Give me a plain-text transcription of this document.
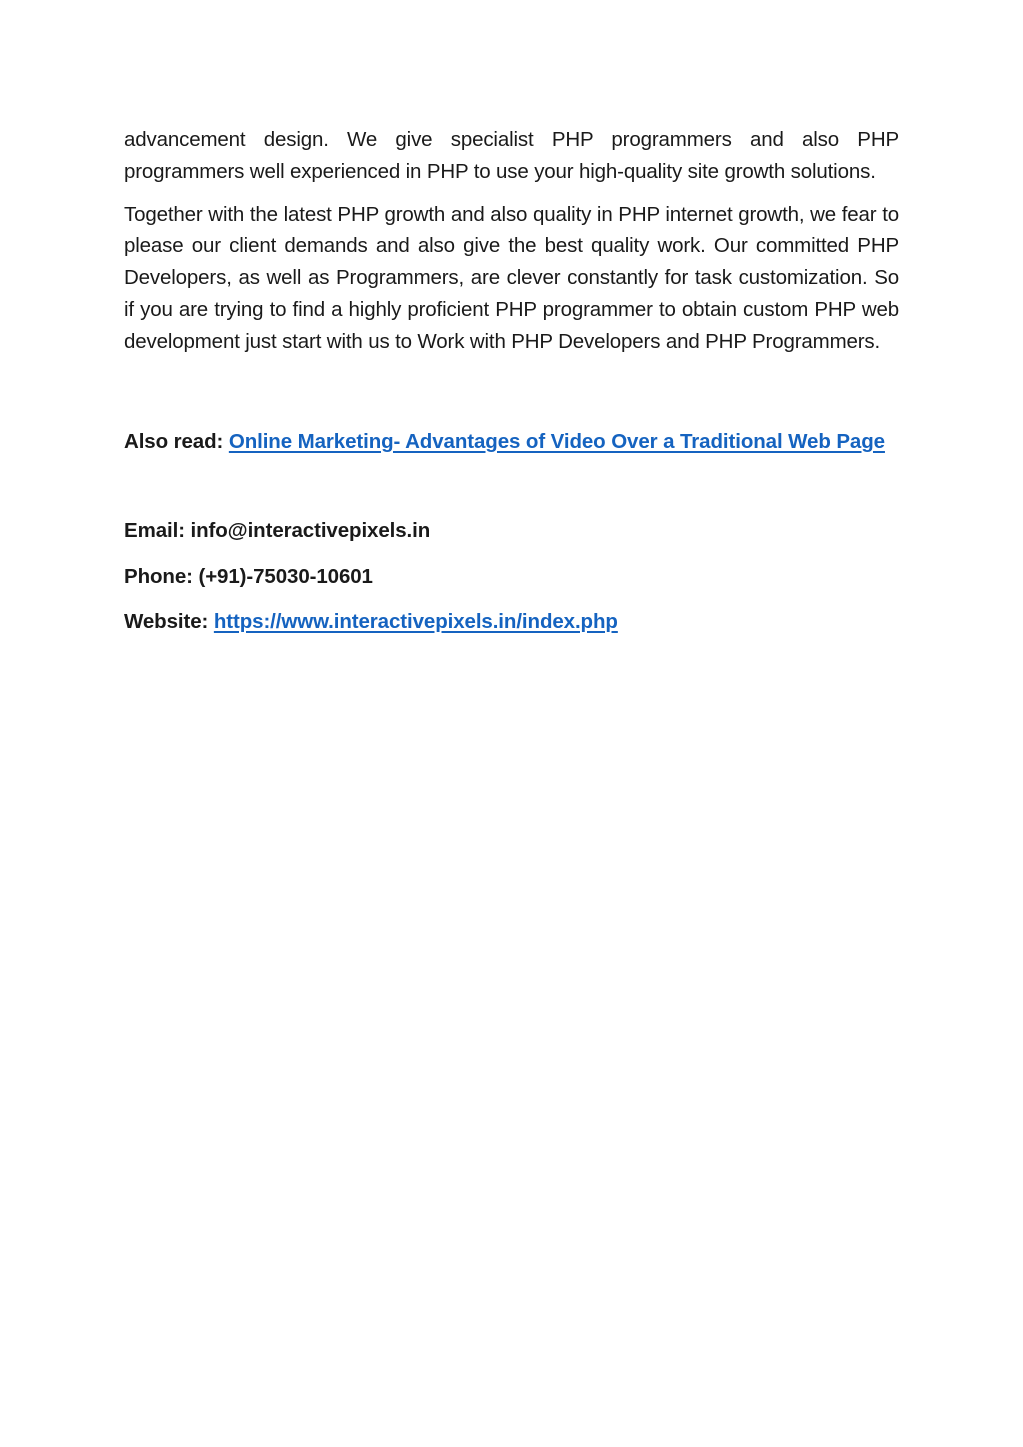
advancement design. We give specialist PHP programmers and also PHP programmers well experienced in PHP to use your high-quality site growth solutions.

Together with the latest PHP growth and also quality in PHP internet growth, we fear to please our client demands and also give the best quality work. Our committed PHP Developers, as well as Programmers, are clever constantly for task customization. So if you are trying to find a highly proficient PHP programmer to obtain custom PHP web development just start with us to Work with PHP Developers and PHP Programmers.

Also read: Online Marketing- Advantages of Video Over a Traditional Web Page

Email: info@interactivepixels.in

Phone: (+91)-75030-10601

Website: https://www.interactivepixels.in/index.php
